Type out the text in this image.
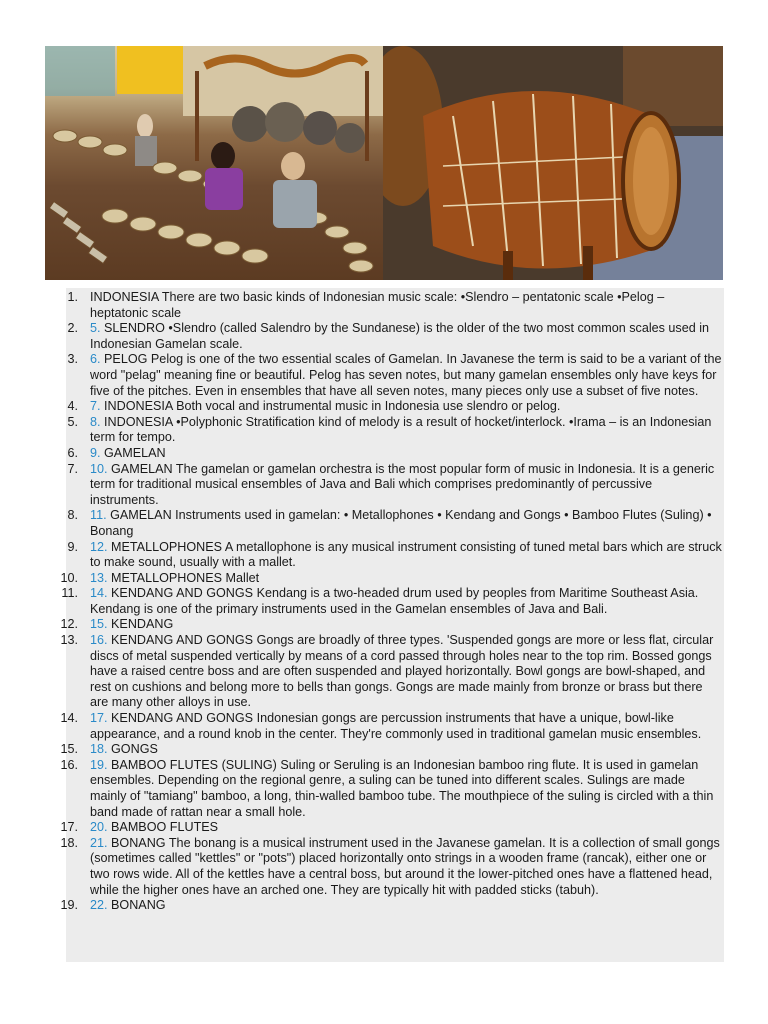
1. INDONESIA There are two basic kinds of Indonesian music scale: •Slendro – pentatonic scale •Pelog – heptatonic scale
2. 5. SLENDRO •Slendro (called Salendro by the Sundanese) is the older of the two most common scales used in Indonesian Gamelan scale.
3. 6. PELOG Pelog is one of the two essential scales of Gamelan. In Javanese the term is said to be a variant of the word "pelag" meaning fine or beautiful. Pelog has seven notes, but many gamelan ensembles only have keys for five of the pitches. Even in ensembles that have all seven notes, many pieces only use a subset of five notes.
4. 7. INDONESIA Both vocal and instrumental music in Indonesia use slendro or pelog.
5. 8. INDONESIA •Polyphonic Stratification kind of melody is a result of hocket/interlock. •Irama – is an Indonesian term for tempo.
6. 9. GAMELAN
7. 10. GAMELAN The gamelan or gamelan orchestra is the most popular form of music in Indonesia. It is a generic term for traditional musical ensembles of Java and Bali which comprises predominantly of percussive instruments.
8. 11. GAMELAN Instruments used in gamelan: • Metallophones • Kendang and Gongs • Bamboo Flutes (Suling) • Bonang
9. 12. METALLOPHONES A metallophone is any musical instrument consisting of tuned metal bars which are struck to make sound, usually with a mallet.
10. 13. METALLOPHONES Mallet
11. 14. KENDANG AND GONGS Kendang is a two-headed drum used by peoples from Maritime Southeast Asia. Kendang is one of the primary instruments used in the Gamelan ensembles of Java and Bali.
12. 15. KENDANG
13. 16. KENDANG AND GONGS Gongs are broadly of three types. 'Suspended gongs are more or less flat, circular discs of metal suspended vertically by means of a cord passed through holes near to the top rim. Bossed gongs have a raised centre boss and are often suspended and played horizontally. Bowl gongs are bowl-shaped, and rest on cushions and belong more to bells than gongs. Gongs are made mainly from bronze or brass but there are many other alloys in use.
14. 17. KENDANG AND GONGS Indonesian gongs are percussion instruments that have a unique, bowl-like appearance, and a round knob in the center. They're commonly used in traditional gamelan music ensembles.
15. 18. GONGS
16. 19. BAMBOO FLUTES (SULING) Suling or Seruling is an Indonesian bamboo ring flute. It is used in gamelan ensembles. Depending on the regional genre, a suling can be tuned into different scales. Sulings are made mainly of "tamiang" bamboo, a long, thin-walled bamboo tube. The mouthpiece of the suling is circled with a thin band made of rattan near a small hole.
17. 20. BAMBOO FLUTES
18. 21. BONANG The bonang is a musical instrument used in the Javanese gamelan. It is a collection of small gongs (sometimes called "kettles" or "pots") placed horizontally onto strings in a wooden frame (rancak), either one or two rows wide. All of the kettles have a central boss, but around it the lower-pitched ones have a flattened head, while the higher ones have an arched one. They are typically hit with padded sticks (tabuh).
19. 22. BONANG
